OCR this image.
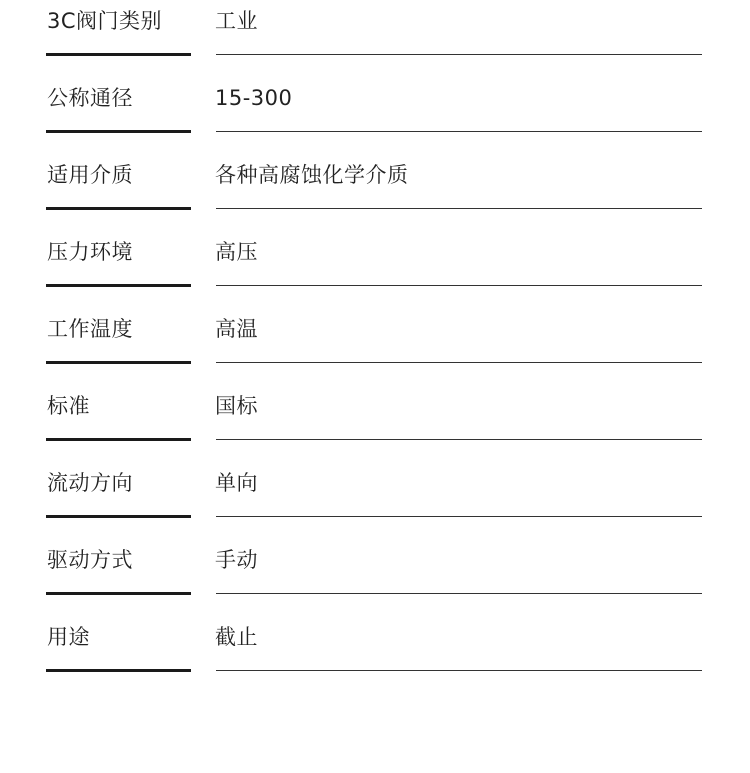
3C阀门类别	工业
公称通径	15-300
适用介质	各种高腐蚀化学介质
压力环境	高压
工作温度	高温
标准	国标
流动方向	单向
驱动方式	手动
用途	截止
